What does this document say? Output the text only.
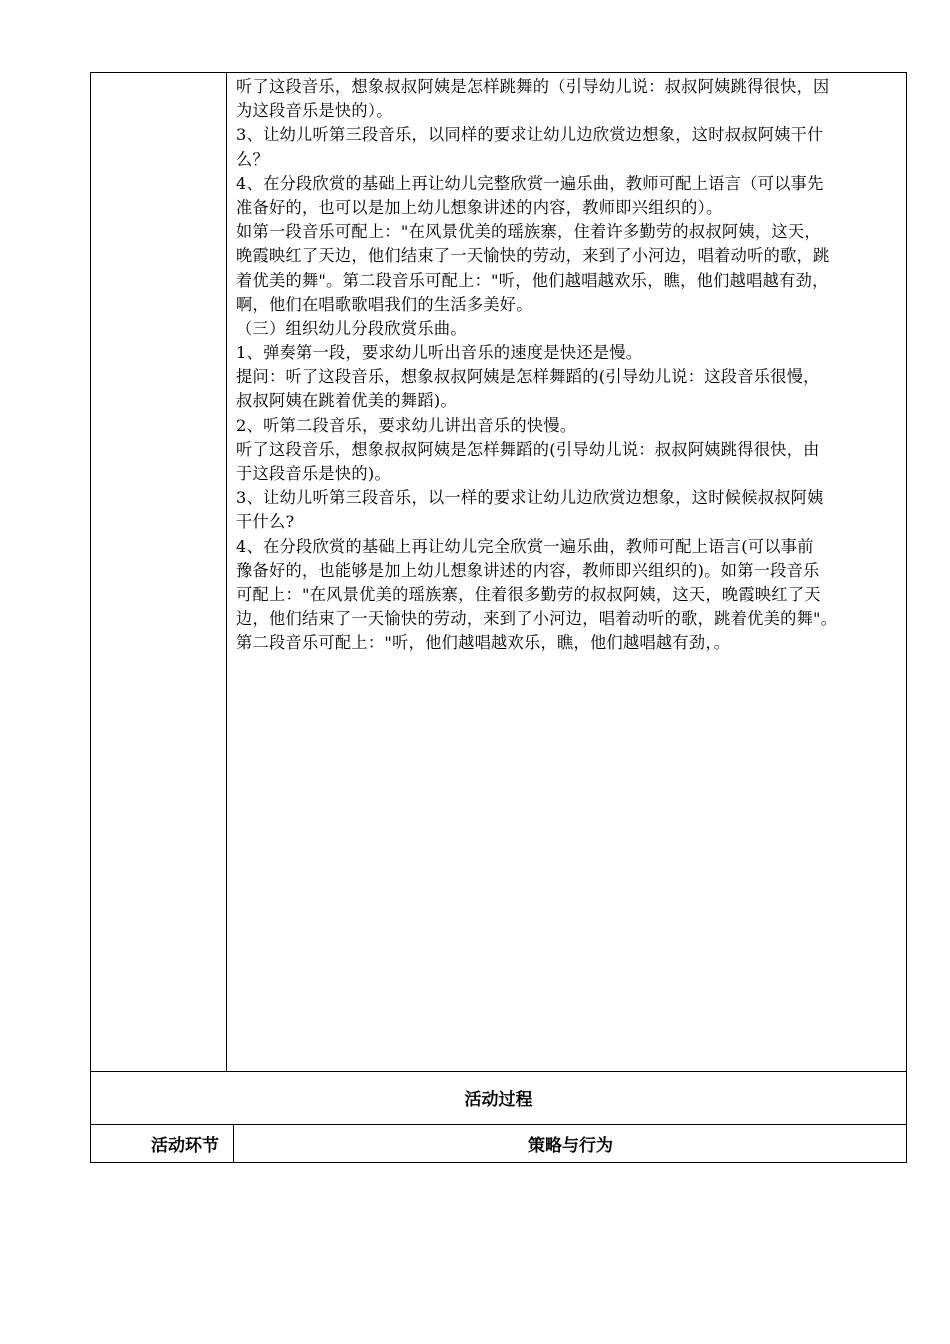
听了这段音乐，想象叔叔阿姨是怎样跳舞的（引导幼儿说：叔叔阿姨跳得很快，因
为这段音乐是快的）。
3、让幼儿听第三段音乐，以同样的要求让幼儿边欣赏边想象，这时叔叔阿姨干什
么？
4、在分段欣赏的基础上再让幼儿完整欣赏一遍乐曲，教师可配上语言（可以事先
准备好的，也可以是加上幼儿想象讲述的内容，教师即兴组织的）。
如第一段音乐可配上："在风景优美的瑶族寨，住着许多勤劳的叔叔阿姨，这天，
晚霞映红了天边，他们结束了一天愉快的劳动，来到了小河边，唱着动听的歌，跳
着优美的舞"。第二段音乐可配上："听，他们越唱越欢乐，瞧，他们越唱越有劲，
啊，他们在唱歌歌唱我们的生活多美好。
（三）组织幼儿分段欣赏乐曲。
1、弹奏第一段，要求幼儿听出音乐的速度是快还是慢。
提问：听了这段音乐，想象叔叔阿姨是怎样舞蹈的(引导幼儿说：这段音乐很慢，
叔叔阿姨在跳着优美的舞蹈)。
2、听第二段音乐，要求幼儿讲出音乐的快慢。
听了这段音乐，想象叔叔阿姨是怎样舞蹈的(引导幼儿说：叔叔阿姨跳得很快，由
于这段音乐是快的)。
3、让幼儿听第三段音乐，以一样的要求让幼儿边欣赏边想象，这时候候叔叔阿姨
干什么?
4、在分段欣赏的基础上再让幼儿完全欣赏一遍乐曲，教师可配上语言(可以事前
豫备好的，也能够是加上幼儿想象讲述的内容，教师即兴组织的)。如第一段音乐
可配上："在风景优美的瑶族寨，住着很多勤劳的叔叔阿姨，这天，晚霞映红了天
边，他们结束了一天愉快的劳动，来到了小河边，唱着动听的歌，跳着优美的舞"。
第二段音乐可配上："听，他们越唱越欢乐，瞧，他们越唱越有劲，。
活动过程
活动环节	策略与行为
